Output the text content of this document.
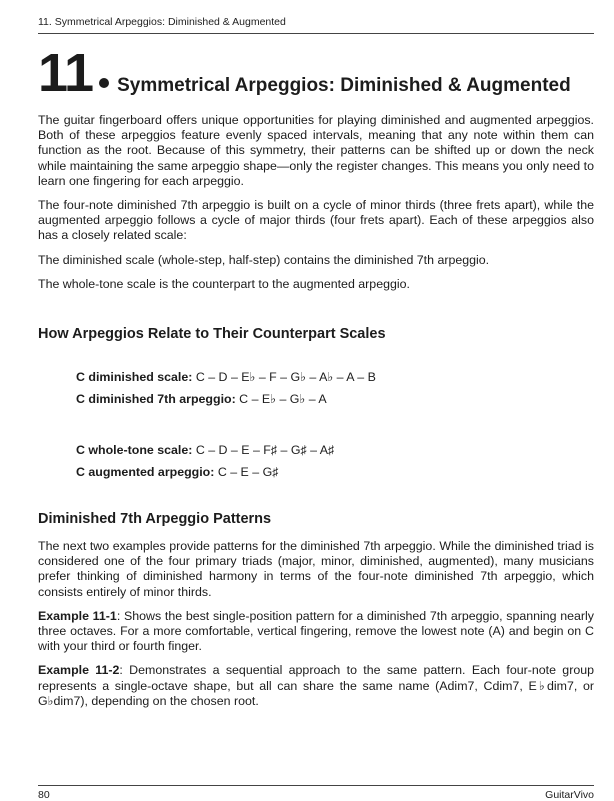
11. Symmetrical Arpeggios: Diminished & Augmented
11 Symmetrical Arpeggios: Diminished & Augmented

The guitar fingerboard offers unique opportunities for playing diminished and augmented arpeggios. Both of these arpeggios feature evenly spaced intervals, meaning that any note within them can function as the root. Because of this symmetry, their patterns can be shifted up or down the neck while maintaining the same arpeggio shape—only the register changes. This means you only need to learn one fingering for each arpeggio.

The four-note diminished 7th arpeggio is built on a cycle of minor thirds (three frets apart), while the augmented arpeggio follows a cycle of major thirds (four frets apart). Each of these arpeggios also has a closely related scale:

The diminished scale (whole-step, half-step) contains the diminished 7th arpeggio.

The whole-tone scale is the counterpart to the augmented arpeggio.

How Arpeggios Relate to Their Counterpart Scales
C diminished scale: C – D – E♭ – F – G♭ – A♭ – A – B
C diminished 7th arpeggio: C – E♭ – G♭ – A
C whole-tone scale: C – D – E – F♯ – G♯ – A♯
C augmented arpeggio: C – E – G♯
Diminished 7th Arpeggio Patterns

The next two examples provide patterns for the diminished 7th arpeggio. While the diminished triad is considered one of the four primary triads (major, minor, diminished, augmented), many musicians prefer thinking of diminished harmony in terms of the four-note diminished 7th arpeggio, which consists entirely of minor thirds.

Example 11-1: Shows the best single-position pattern for a diminished 7th arpeggio, spanning nearly three octaves. For a more comfortable, vertical fingering, remove the lowest note (A) and begin on C with your third or fourth finger.

Example 11-2: Demonstrates a sequential approach to the same pattern. Each four-note group represents a single-octave shape, but all can share the same name (Adim7, Cdim7, E♭dim7, or G♭dim7), depending on the chosen root.

80	GuitarVivo
